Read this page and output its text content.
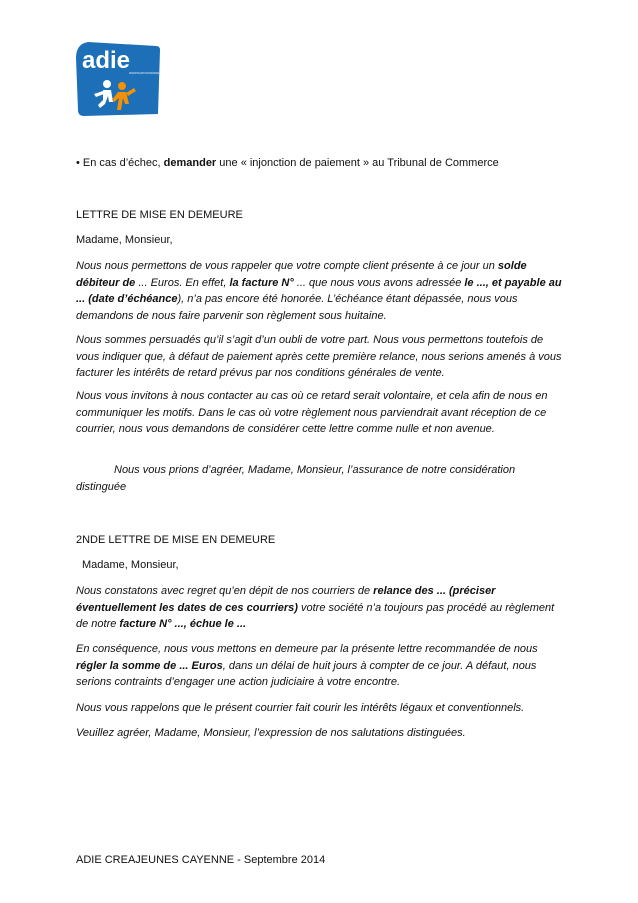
adie
ASSOCIATION POUR LE DROIT À L'INITIATIVE ÉCONOMIQUE

• En cas d’échec, demander une « injonction de paiement » au Tribunal de Commerce

LETTRE DE MISE EN DEMEURE

Madame, Monsieur,

Nous nous permettons de vous rappeler que votre compte client présente à ce jour un solde débiteur de ... Euros. En effet, la facture N° ... que nous vous avons adressée le ..., et payable au ... (date d’échéance), n’a pas encore été honorée. L’échéance étant dépassée, nous vous demandons de nous faire parvenir son règlement sous huitaine.

Nous sommes persuadés qu’il s’agit d’un oubli de votre part. Nous vous permettons toutefois de vous indiquer que, à défaut de paiement après cette première relance, nous serions amenés à vous facturer les intérêts de retard prévus par nos conditions générales de vente.

Nous vous invitons à nous contacter au cas où ce retard serait volontaire, et cela afin de nous en communiquer les motifs. Dans le cas où votre règlement nous parviendrait avant réception de ce courrier, nous vous demandons de considérer cette lettre comme nulle et non avenue.

Nous vous prions d’agréer, Madame, Monsieur, l’assurance de notre considération distinguée

2NDE LETTRE DE MISE EN DEMEURE

Madame, Monsieur,

Nous constatons avec regret qu’en dépit de nos courriers de relance des ... (préciser éventuellement les dates de ces courriers) votre société n’a toujours pas procédé au règlement de notre facture N° ..., échue le ...

En conséquence, nous vous mettons en demeure par la présente lettre recommandée de nous régler la somme de ... Euros, dans un délai de huit jours à compter de ce jour. A défaut, nous serions contraints d’engager une action judiciaire à votre encontre.

Nous vous rappelons que le présent courrier fait courir les intérêts légaux et conventionnels.

Veuillez agréer, Madame, Monsieur, l’expression de nos salutations distinguées.

ADIE CREAJEUNES CAYENNE - Septembre 2014
